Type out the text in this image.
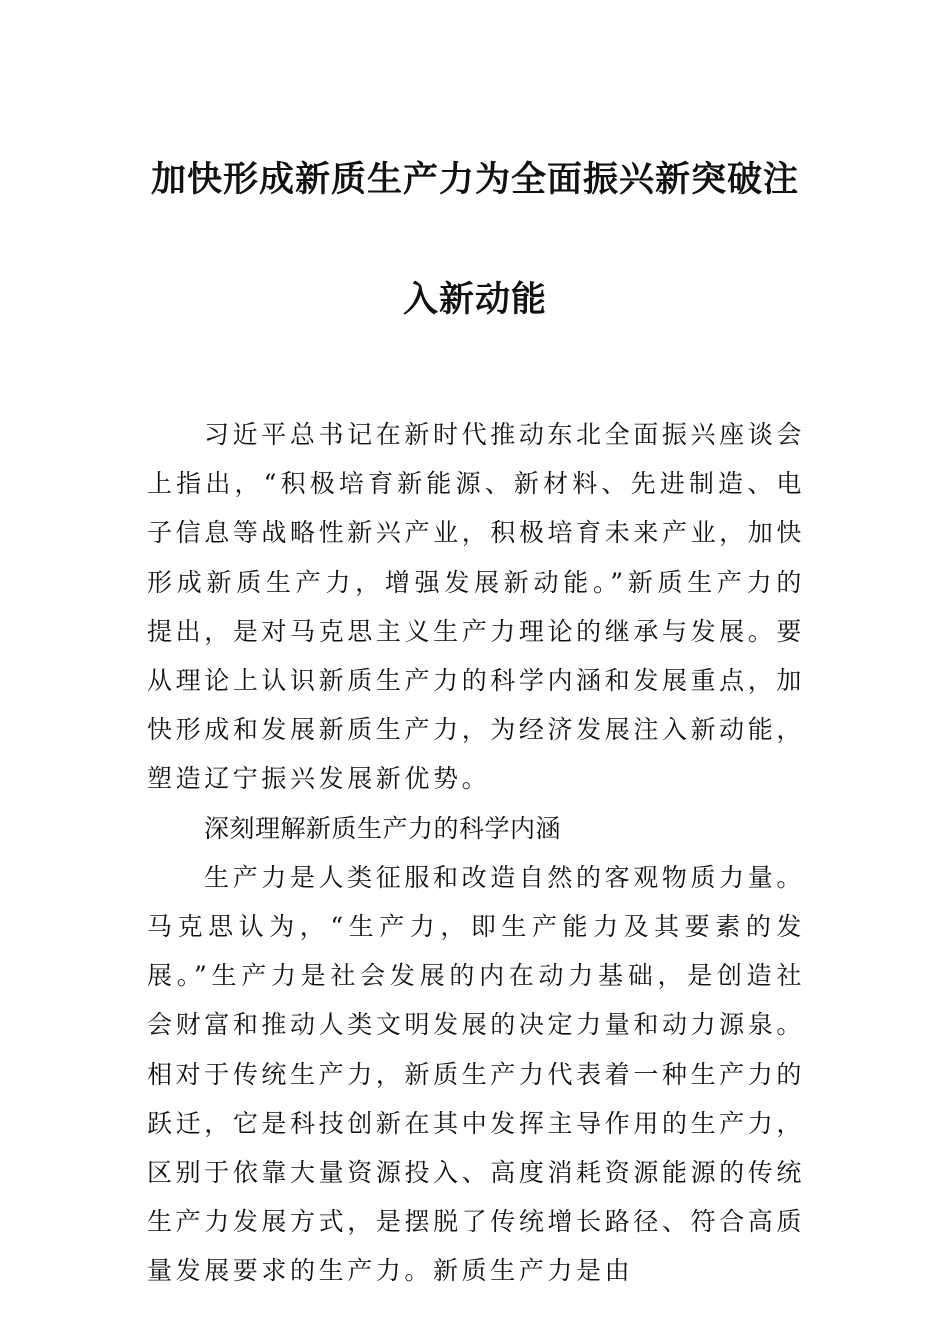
加快形成新质生产力为全面振兴新突破注
入新动能

习近平总书记在新时代推动东北全面振兴座谈会上指出，“积极培育新能源、新材料、先进制造、电子信息等战略性新兴产业，积极培育未来产业，加快形成新质生产力，增强发展新动能。”新质生产力的提出，是对马克思主义生产力理论的继承与发展。要从理论上认识新质生产力的科学内涵和发展重点，加快形成和发展新质生产力，为经济发展注入新动能，塑造辽宁振兴发展新优势。

深刻理解新质生产力的科学内涵

生产力是人类征服和改造自然的客观物质力量。马克思认为，“生产力，即生产能力及其要素的发展。”生产力是社会发展的内在动力基础，是创造社会财富和推动人类文明发展的决定力量和动力源泉。相对于传统生产力，新质生产力代表着一种生产力的跃迁，它是科技创新在其中发挥主导作用的生产力，区别于依靠大量资源投入、高度消耗资源能源的传统生产力发展方式，是摆脱了传统增长路径、符合高质量发展要求的生产力。新质生产力是由
